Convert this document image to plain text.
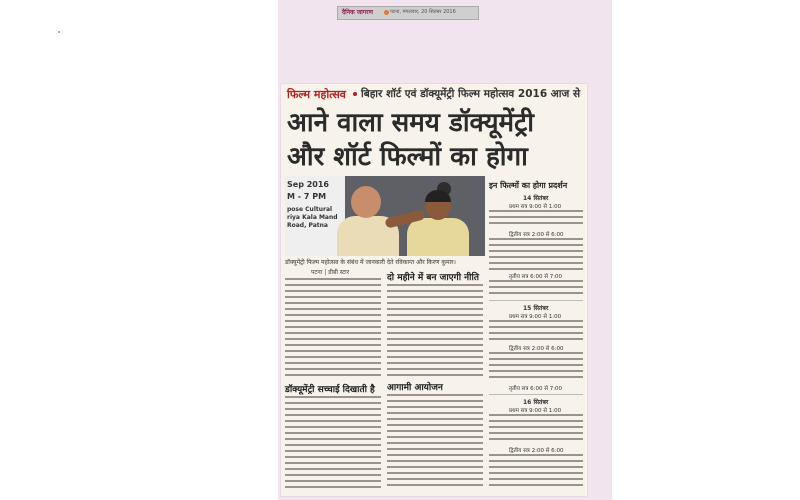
दैनिक जागरण	पटना, मंगलवार, 20 सितंबर 2016
फिल्म महोत्सव बिहार शॉर्ट एवं डॉक्यूमेंट्री फिल्म महोत्सव 2016 आज से
आने वाला समय डॉक्यूमेंट्री
और शॉर्ट फिल्मों का होगा
Sep 2016
M - 7 PM
pose Cultural
riya Kala Mand
Road, Patna
डॉक्यूमेंट्री फिल्म महोत्सव के संबंध में जानकारी देते रविकान्त और किरण कुमार।
पटना | डीबी स्टार
डॉक्यूमेंट्री सच्चाई दिखाती है
दो महीने में बन जाएगी नीति
आगामी आयोजन
इन फिल्मों का होगा प्रदर्शन
14 सितंबर
प्रथम सत्र 9:00 से 1:00
द्वितीय सत्र 2:00 से 6:00
तृतीय सत्र 6:00 से 7:00
15 सितंबर
प्रथम सत्र 9:00 से 1:00
द्वितीय सत्र 2:00 से 6:00
तृतीय सत्र 6:00 से 7:00
16 सितंबर
प्रथम सत्र 9:00 से 1:00
द्वितीय सत्र 2:00 से 6:00
